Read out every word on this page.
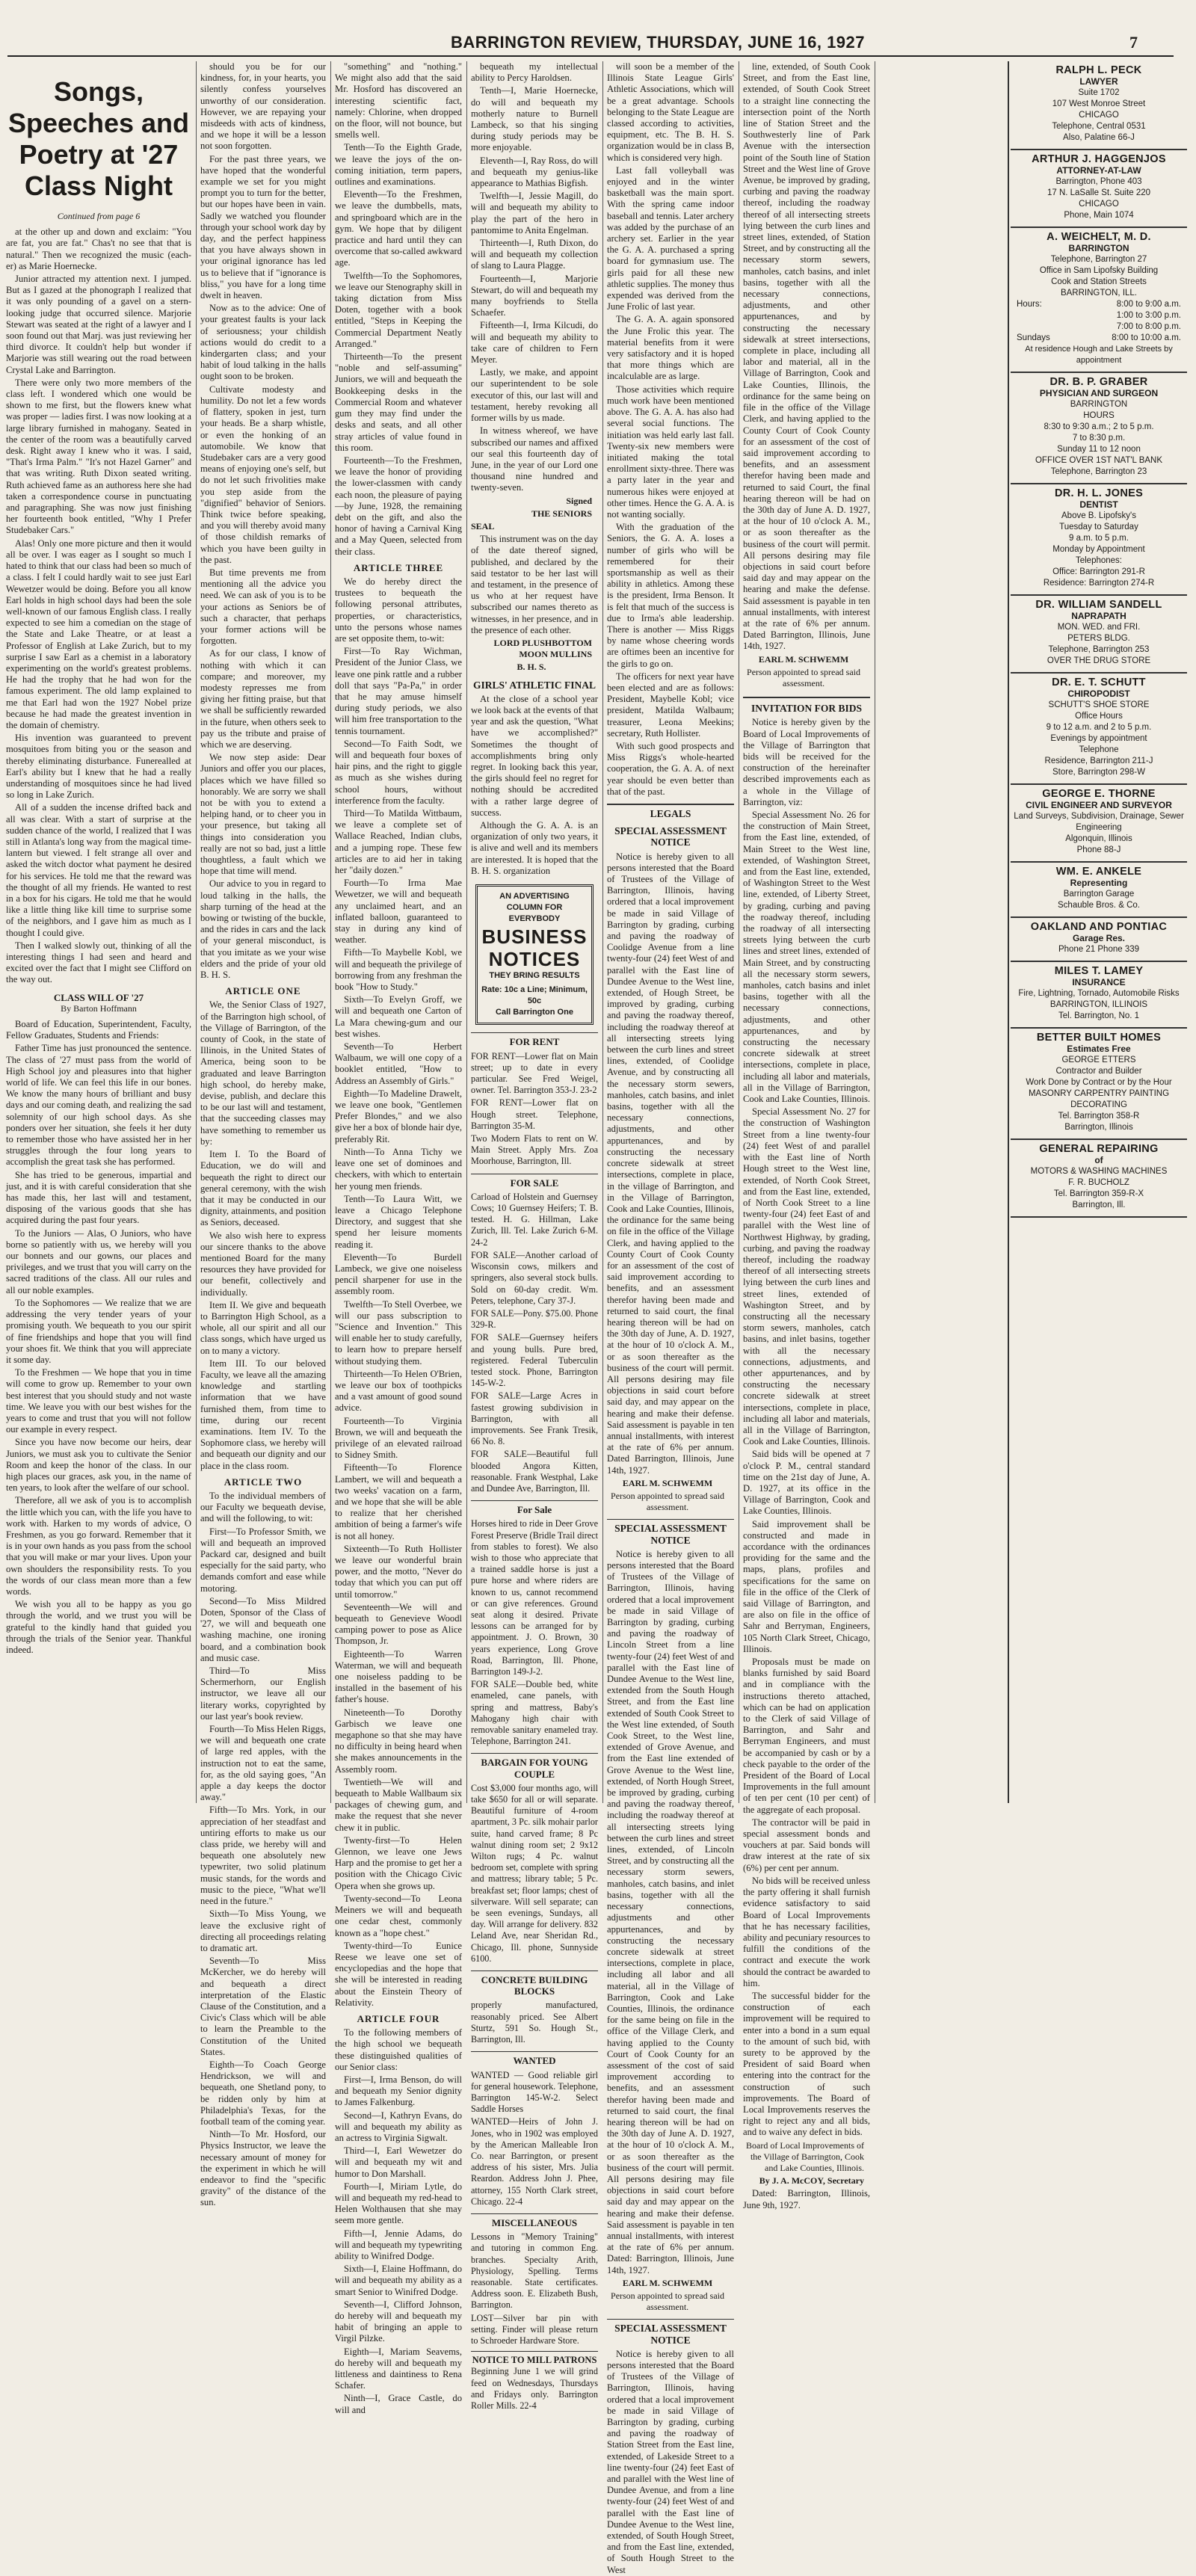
BARRINGTON REVIEW, THURSDAY, JUNE 16, 1927	7
Songs, Speeches and Poetry at '27 Class Night
Continued from page 6

at the other up and down and exclaim: "You are fat, you are fat." Chas't no see that that is natural." Then we recognized the music (each-er) as Marie Hoernecke.

Junior attracted my attention next. I jumped. But as I gazed at the phonograph I realized that it was only pounding of a gavel on a stern-looking judge that occurred silence. Marjorie Stewart was seated at the right of a lawyer and I soon found out that Marj. was just reviewing her third divorce. It couldn't help but wonder if Marjorie was still wearing out the road between Crystal Lake and Barrington.

There were only two more members of the class left. I wondered which one would be shown to me first, but the flowers knew what was proper — ladies first. I was now looking at a large library furnished in mahogany. Seated in the center of the room was a beautifully carved desk. Right away I knew who it was. I said, "That's Irma Palm." "It's not Hazel Garner" and that was writing. Ruth Dixon seated writing. Ruth achieved fame as an authoress here she had taken a correspondence course in punctuating and paragraphing. She was now just finishing her fourteenth book entitled, "Why I Prefer Studebaker Cars."

Alas! Only one more picture and then it would all be over. I was eager as I sought so much I hated to think that our class had been so much of a class. I felt I could hardly wait to see just Earl Wewetzer would be doing. Before you all know Earl holds in high school days had been the sole well-known of our famous English class. I really expected to see him a comedian on the stage of the State and Lake Theatre, or at least a Professor of English at Lake Zurich, but to my surprise I saw Earl as a chemist in a laboratory experimenting on the world's greatest problems. He had the trophy that he had won for the famous experiment. The old lamp explained to me that Earl had won the 1927 Nobel prize because he had made the greatest invention in the domain of chemistry.

His invention was guaranteed to prevent mosquitoes from biting you or the season and thereby eliminating disturbance. Funerealled at Earl's ability but I knew that he had a really understanding of mosquitoes since he had lived so long in Lake Zurich.

All of a sudden the incense drifted back and all was clear. With a start of surprise at the sudden chance of the world, I realized that I was still in Atlanta's long way from the magical time-lantern but viewed. I felt strange all over and asked the witch doctor what payment he desired for his services. He told me that the reward was the thought of all my friends. He wanted to rest in a box for his cigars. He told me that he would like a little thing like kill time to surprise some of the neighbors, and I gave him as much as I thought I could give.

Then I walked slowly out, thinking of all the interesting things I had seen and heard and excited over the fact that I might see Clifford on the way out.

CLASS WILL OF '27
By Barton Hoffmann

Board of Education, Superintendent, Faculty, Fellow Graduates, Students and Friends:

Father Time has just pronounced the sentence. The class of '27 must pass from the world of High School joy and pleasures into that higher world of life. We can feel this life in our bones. We know the many hours of brilliant and busy days and our coming death, and realizing the sad solemnity of our high school days. As she ponders over her situation, she feels it her duty to remember those who have assisted her in her struggles through the four long years to accomplish the great task she has performed.

She has tried to be generous, impartial and just, and it is with careful consideration that she has made this, her last will and testament, disposing of the various goods that she has acquired during the past four years.

To the Juniors — Alas, O Juniors, who have borne so patiently with us, we hereby will you our bonnets and our gowns, our places and privileges, and we trust that you will carry on the sacred traditions of the class. All our rules and all our noble examples.

To the Sophomores — We realize that we are addressing the very tender years of your promising youth. We bequeath to you our spirit of fine friendships and hope that you will find your shoes fit. We think that you will appreciate it some day.

To the Freshmen — We hope that you in time will come to grow up. Remember to your own best interest that you should study and not waste time. We leave you with our best wishes for the years to come and trust that you will not follow our example in every respect.

Since you have now become our heirs, dear Juniors, we must ask you to cultivate the Senior Room and keep the honor of the class. In our high places our graces, ask you, in the name of ten years, to look after the welfare of our school.

Therefore, all we ask of you is to accomplish the little which you can, with the life you have to work with. Harken to my words of advice, O Freshmen, as you go forward. Remember that it is in your own hands as you pass from the school that you will make or mar your lives. Upon your own shoulders the responsibility rests. To you the words of our class mean more than a few words.

We wish you all to be happy as you go through the world, and we trust you will be grateful to the kindly hand that guided you through the trials of the Senior year. Thankful indeed.

should you be for our kindness, for, in your hearts, you silently confess yourselves unworthy of our consideration. However, we are repaying your misdeeds with acts of kindness, and we hope it will be a lesson not soon forgotten.

For the past three years, we have hoped that the wonderful example we set for you might prompt you to turn for the better, but our hopes have been in vain. Sadly we watched you flounder through your school work day by day, and the perfect happiness that you have always shown in your original ignorance has led us to believe that if "ignorance is bliss," you have for a long time dwelt in heaven.

Now as to the advice: One of your greatest faults is your lack of seriousness; your childish actions would do credit to a kindergarten class; and your habit of loud talking in the halls ought soon to be broken.

Cultivate modesty and humility. Do not let a few words of flattery, spoken in jest, turn your heads. Be a sharp whistle, or even the honking of an automobile. We know that Studebaker cars are a very good means of enjoying one's self, but do not let such frivolities make you step aside from the "dignified" behavior of Seniors. Think twice before speaking, and you will thereby avoid many of those childish remarks of which you have been guilty in the past.

But time prevents me from mentioning all the advice you need. We can ask of you is to be your actions as Seniors be of such a character, that perhaps your former actions will be forgotten.

As for our class, I know of nothing with which it can compare; and moreover, my modesty represses me from giving her fitting praise, but that we shall be sufficiently rewarded in the future, when others seek to pay us the tribute and praise of which we are deserving.

We now step aside: Dear Juniors and offer you our places, places which we have filled so honorably. We are sorry we shall not be with you to extend a helping hand, or to cheer you in your presence, but taking all things into consideration you really are not so bad, just a little thoughtless, a fault which we hope that time will mend.

Our advice to you in regard to loud talking in the halls, the sharp turning of the head at the bowing or twisting of the buckle, and the rides in cars and the lack of your general misconduct, is that you imitate as we your wise elders and the pride of your old B. H. S.

ARTICLE ONE

We, the Senior Class of 1927, of the Barrington high school, of the Village of Barrington, of the county of Cook, in the state of Illinois, in the United States of America, being soon to be graduated and leave Barrington high school, do hereby make, devise, publish, and declare this to be our last will and testament, that the succeeding classes may have something to remember us by:

Item I. To the Board of Education, we do will and bequeath the right to direct our general ceremony, with the wish that it may be conducted in our dignity, attainments, and position as Seniors, deceased.

We also wish here to express our sincere thanks to the above mentioned Board for the many resources they have provided for our benefit, collectively and individually.

Item II. We give and bequeath to Barrington High School, as a whole, all our spirit and all our class songs, which have urged us on to many a victory.

Item III. To our beloved Faculty, we leave all the amazing knowledge and startling information that we have furnished them, from time to time, during our recent examinations. Item IV. To the Sophomore class, we hereby will and bequeath our dignity and our place in the class room.

ARTICLE TWO

To the individual members of our Faculty we bequeath devise, and will the following, to wit:

First—To Professor Smith, we will and bequeath an improved Packard car, designed and built especially for the said party, who demands comfort and ease while motoring.

Second—To Miss Mildred Doten, Sponsor of the Class of '27, we will and bequeath one washing machine, one ironing board, and a combination book and music case.

Third—To Miss Schermerhorn, our English instructor, we leave all our literary works, copyrighted by our last year's book review.

Fourth—To Miss Helen Riggs, we will and bequeath one crate of large red apples, with the instruction not to eat the same, for, as the old saying goes, "An apple a day keeps the doctor away."

Fifth—To Mrs. York, in our appreciation of her steadfast and untiring efforts to make us our class pride, we hereby will and bequeath one absolutely new typewriter, two solid platinum music stands, for the words and music to the piece, "What we'll need in the future."

Sixth—To Miss Young, we leave the exclusive right of directing all proceedings relating to dramatic art.

Seventh—To Miss McKercher, we do hereby will and bequeath a direct interpretation of the Elastic Clause of the Constitution, and a Civic's Class which will be able to learn the Preamble to the Constitution of the United States.

Eighth—To Coach George Hendrickson, we will and bequeath, one Shetland pony, to be ridden only by him at Philadelphia's Texas, for the football team of the coming year.

Ninth—To Mr. Hosford, our Physics Instructor, we leave the necessary amount of money for the experiment in which he will endeavor to find the "specific gravity" of the distance of the sun.

"something" and "nothing." We might also add that the said Mr. Hosford has discovered an interesting scientific fact, namely: Chlorine, when dropped on the floor, will not bounce, but smells well.

Tenth—To the Eighth Grade, we leave the joys of the on-coming initiation, term papers, outlines and examinations.

Eleventh—To the Freshmen, we leave the dumbbells, mats, and springboard which are in the gym. We hope that by diligent practice and hard until they can overcome that so-called awkward age.

Twelfth—To the Sophomores, we leave our Stenography skill in taking dictation from Miss Doten, together with a book entitled, "Steps in Keeping the Commercial Department Neatly Arranged."

Thirteenth—To the present "noble and self-assuming" Juniors, we will and bequeath the Bookkeeping desks in the Commercial Room and whatever gum they may find under the desks and seats, and all other stray articles of value found in this room.

Fourteenth—To the Freshmen, we leave the honor of providing the lower-classmen with candy each noon, the pleasure of paying—by June, 1928, the remaining debt on the gift, and also the honor of having a Carnival King and a May Queen, selected from their class.

ARTICLE THREE

We do hereby direct the trustees to bequeath the following personal attributes, properties, or characteristics, unto the persons whose names are set opposite them, to-wit:

First—To Ray Wichman, President of the Junior Class, we leave one pink rattle and a rubber doll that says "Pa-Pa," in order that he may amuse himself during study periods, we also will him free transportation to the tennis tournament.

Second—To Faith Sodt, we will and bequeath four boxes of hair pins, and the right to giggle as much as she wishes during school hours, without interference from the faculty.

Third—To Matilda Wittbaum, we leave a complete set of Wallace Reached, Indian clubs, and a jumping rope. These few articles are to aid her in taking her "daily dozen."

Fourth—To Irma Mae Wewetzer, we will and bequeath any unclaimed heart, and an inflated balloon, guaranteed to stay in during any kind of weather.

Fifth—To Maybelle Kobl, we will and bequeath the privilege of borrowing from any freshman the book "How to Study."

Sixth—To Evelyn Groff, we will and bequeath one Carton of La Mara chewing-gum and our best wishes.

Seventh—To Herbert Walbaum, we will one copy of a booklet entitled, "How to Address an Assembly of Girls."

Eighth—To Madeline Drawelt, we leave one book, "Gentlemen Prefer Blondes," and we also give her a box of blonde hair dye, preferably Rit.

Ninth—To Anna Tichy we leave one set of dominoes and checkers, with which to entertain her young men friends.

Tenth—To Laura Witt, we leave a Chicago Telephone Directory, and suggest that she spend her leisure moments reading it.

Eleventh—To Burdell Lambeck, we give one noiseless pencil sharpener for use in the assembly room.

Twelfth—To Stell Overbee, we will our pass subscription to "Science and Invention." This will enable her to study carefully, to learn how to prepare herself without studying them.

Thirteenth—To Helen O'Brien, we leave our box of toothpicks and a vast amount of good sound advice.

Fourteenth—To Virginia Brown, we will and bequeath the privilege of an elevated railroad to Sidney Smith.

Fifteenth—To Florence Lambert, we will and bequeath a two weeks' vacation on a farm, and we hope that she will be able to realize that her cherished ambition of being a farmer's wife is not all honey.

Sixteenth—To Ruth Hollister we leave our wonderful brain power, and the motto, "Never do today that which you can put off until tomorrow."

Seventeenth—We will and bequeath to Genevieve Woodl camping power to pose as Alice Thompson, Jr.

Eighteenth—To Warren Waterman, we will and bequeath one noiseless padding to be installed in the basement of his father's house.

Nineteenth—To Dorothy Garbisch we leave one megaphone so that she may have no difficulty in being heard when she makes announcements in the Assembly room.

Twentieth—We will and bequeath to Mable Wallbaum six packages of chewing gum, and make the request that she never chew it in public.

Twenty-first—To Helen Glennon, we leave one Jews Harp and the promise to get her a position with the Chicago Civic Opera when she grows up.

Twenty-second—To Leona Meiners we will and bequeath one cedar chest, commonly known as a "hope chest."

Twenty-third—To Eunice Reese we leave one set of encyclopedias and the hope that she will be interested in reading about the Einstein Theory of Relativity.

ARTICLE FOUR

To the following members of the high school we bequeath these distinguished qualities of our Senior class:

First—I, Irma Benson, do will and bequeath my Senior dignity to James Falkenburg.

Second—I, Kathryn Evans, do will and bequeath my ability as an actress to Virginia Sigwalt.

Third—I, Earl Wewetzer do will and bequeath my wit and humor to Don Marshall.

Fourth—I, Miriam Lytle, do will and bequeath my red-head to Helen Wolthausen that she may seem more gentle.

Fifth—I, Jennie Adams, do will and bequeath my typewriting ability to Winifred Dodge.

Sixth—I, Elaine Hoffmann, do will and bequeath my ability as a smart Senior to Winifred Dodge.

Seventh—I, Clifford Johnson, do hereby will and bequeath my habit of bringing an apple to Virgil Pilzke.

Eighth—I, Mariam Seavems, do hereby will and bequeath my littleness and daintiness to Rena Schafer.

Ninth—I, Grace Castle, do will and

bequeath my intellectual ability to Percy Haroldsen.

Tenth—I, Marie Hoernecke, do will and bequeath my motherly nature to Burnell Lambeck, so that his singing during study periods may be more enjoyable.

Eleventh—I, Ray Ross, do will and bequeath my genius-like appearance to Mathias Bigfish.

Twelfth—I, Jessie Magill, do will and bequeath my ability to play the part of the hero in pantomime to Anita Engelman.

Thirteenth—I, Ruth Dixon, do will and bequeath my collection of slang to Laura Plagge.

Fourteenth—I, Marjorie Stewart, do will and bequeath my many boyfriends to Stella Schaefer.

Fifteenth—I, Irma Kilcudi, do will and bequeath my ability to take care of children to Fern Meyer.

Lastly, we make, and appoint our superintendent to be sole executor of this, our last will and testament, hereby revoking all former wills by us made.

In witness whereof, we have subscribed our names and affixed our seal this fourteenth day of June, in the year of our Lord one thousand nine hundred and twenty-seven.

Signed
THE SENIORS
SEAL

This instrument was on the day of the date thereof signed, published, and declared by the said testator to be her last will and testament, in the presence of us who at her request have subscribed our names thereto as witnesses, in her presence, and in the presence of each other.

LORD PLUSHBOTTOM MOON MULLINS
B. H. S.
GIRLS' ATHLETIC FINAL

At the close of a school year we look back at the events of that year and ask the question, "What have we accomplished?" Sometimes the thought of accomplishments bring only regret. In looking back this year, the girls should feel no regret for nothing should be accredited with a rather large degree of success.

Although the G. A. A. is an organization of only two years, it is alive and well and its members are interested. It is hoped that the B. H. S. organization

AN ADVERTISING COLUMN FOR EVERYBODY
BUSINESS NOTICES
THEY BRING RESULTS
Rate: 10c a Line; Minimum, 50c
Call Barrington One
FOR RENT

FOR RENT—Lower flat on Main street; up to date in every particular. See Fred Weigel, owner. Tel. Barrington 353-J. 23-2

FOR RENT—Lower flat on Hough street. Telephone, Barrington 35-M.

Two Modern Flats to rent on W. Main Street. Apply Mrs. Zoa Moorhouse, Barrington, Ill.

FOR SALE

Carload of Holstein and Guernsey Cows; 10 Guernsey Heifers; T. B. tested. H. G. Hillman, Lake Zurich, Ill. Tel. Lake Zurich 6-M. 24-2

FOR SALE—Another carload of Wisconsin cows, milkers and springers, also several stock bulls. Sold on 60-day credit. Wm. Peters, telephone, Cary 37-J.

FOR SALE—Pony. $75.00. Phone 329-R.

FOR SALE—Guernsey heifers and young bulls. Pure bred, registered. Federal Tuberculin tested stock. Phone, Barrington 145-W-2.

FOR SALE—Large Acres in fastest growing subdivision in Barrington, with all improvements. See Frank Tresik, 66 No. 8.

FOR SALE—Beautiful full blooded Angora Kitten, reasonable. Frank Westphal, Lake and Dundee Ave, Barrington, Ill.

For Sale

Horses hired to ride in Deer Grove Forest Preserve (Bridle Trail direct from stables to forest). We also wish to those who appreciate that a trained saddle horse is just a pure horse and where riders are known to us, cannot recommend or can give references. Ground seat along it desired. Private lessons can be arranged for by appointment. J. O. Brown, 30 years experience, Long Grove Road, Barrington, Ill. Phone, Barrington 149-J-2.

FOR SALE—Double bed, white enameled, cane panels, with spring and mattress, Baby's Mahogany high chair with removable sanitary enameled tray. Telephone, Barrington 241.

BARGAIN FOR YOUNG COUPLE

Cost $3,000 four months ago, will take $650 for all or will separate. Beautiful furniture of 4-room apartment, 3 Pc. silk mohair parlor suite, hand carved frame; 8 Pc walnut dining room set; 2 9x12 Wilton rugs; 4 Pc. walnut bedroom set, complete with spring and mattress; library table; 5 Pc. breakfast set; floor lamps; chest of silverware. Will sell separate; can be seen evenings, Sundays, all day. Will arrange for delivery. 832 Leland Ave, near Sheridan Rd., Chicago, Ill. phone, Sunnyside 6100.

CONCRETE BUILDING BLOCKS

properly manufactured, reasonably priced. See Albert Sturtz, 591 So. Hough St., Barrington, Ill.

WANTED

WANTED — Good reliable girl for general housework. Telephone, Barrington 145-W-2. Select Saddle Horses

WANTED—Heirs of John J. Jones, who in 1902 was employed by the American Malleable Iron Co. near Barrington, or present address of his sister, Mrs. Julia Reardon. Address John J. Phee, attorney, 155 North Clark street, Chicago. 22-4

MISCELLANEOUS

Lessons in "Memory Training" and tutoring in common Eng. branches. Specialty Arith, Physiology, Spelling. Terms reasonable. State certificates. Address soon. E. Elizabeth Bush, Barrington.

LOST—Silver bar pin with setting. Finder will please return to Schroeder Hardware Store.

NOTICE TO MILL PATRONS

Beginning June 1 we will grind feed on Wednesdays, Thursdays and Fridays only. Barrington Roller Mills. 22-4

will soon be a member of the Illinois State League Girls' Athletic Associations, which will be a great advantage. Schools belonging to the State League are classed according to activities, equipment, etc. The B. H. S. organization would be in class B, which is considered very high.

Last fall volleyball was enjoyed and in the winter basketball was the main sport. With the spring came indoor baseball and tennis. Later archery was added by the purchase of an archery set. Earlier in the year the G. A. A. purchased a spring board for gymnasium use. The girls paid for all these new athletic supplies. The money thus expended was derived from the June Frolic of last year.

The G. A. A. again sponsored the June Frolic this year. The material benefits from it were very satisfactory and it is hoped that more things which are incalculable are as large.

Those activities which require much work have been mentioned above. The G. A. A. has also had several social functions. The initiation was held early last fall. Twenty-six new members were initiated making the total enrollment sixty-three. There was a party later in the year and numerous hikes were enjoyed at other times. Hence the G. A. A. is not wanting socially.

With the graduation of the Seniors, the G. A. A. loses a number of girls who will be remembered for their sportsmanship as well as their ability in athletics. Among these is the president, Irma Benson. It is felt that much of the success is due to Irma's able leadership. There is another — Miss Riggs by name whose cheering words are oftimes been an incentive for the girls to go on.

The officers for next year have been elected and are as follows: President, Maybelle Kobl; vice president, Matilda Walbaum; treasurer, Leona Meekins; secretary, Ruth Hollister.

With such good prospects and Miss Riggs's whole-hearted cooperation, the G. A. A. of next year should be even better than that of the past.

LEGALS
SPECIAL ASSESSMENT NOTICE

Notice is hereby given to all persons interested that the Board of Trustees of the Village of Barrington, Illinois, having ordered that a local improvement be made in said Village of Barrington by grading, curbing and paving the roadway of Coolidge Avenue from a line twenty-four (24) feet West of and parallel with the East line of Dundee Avenue to the West line, extended, of Hough Street, be improved by grading, curbing and paving the roadway thereof, including the roadway thereof at all intersecting streets lying between the curb lines and street lines, extended, of Coolidge Avenue, and by constructing all the necessary storm sewers, manholes, catch basins, and inlet basins, together with all the necessary connections, adjustments, and other appurtenances, and by constructing the necessary concrete sidewalk at street intersections, complete in place, in the village of Barrington, and in the Village of Barrington, Cook and Lake Counties, Illinois, the ordinance for the same being on file in the office of the Village Clerk, and having applied to the County Court of Cook County for an assessment of the cost of said improvement according to benefits, and an assessment therefor having been made and returned to said court, the final hearing thereon will be had on the 30th day of June, A. D. 1927, at the hour of 10 o'clock A. M., or as soon thereafter as the business of the court will permit. All persons desiring may file objections in said court before said day, and may appear on the hearing and make their defense. Said assessment is payable in ten annual installments, with interest at the rate of 6% per annum. Dated Barrington, Illinois, June 14th, 1927.

EARL M. SCHWEMM
Person appointed to spread said assessment.
SPECIAL ASSESSMENT NOTICE

Notice is hereby given to all persons interested that the Board of Trustees of the Village of Barrington, Illinois, having ordered that a local improvement be made in said Village of Barrington by grading, curbing and paving the roadway of Lincoln Street from a line twenty-four (24) feet West of and parallel with the East line of Dundee Avenue to the West line, extended from the South Hough Street, and from the East line extended of South Cook Street to the West line extended, of South Cook Street, to the West line, extended of Grove Avenue, and from the East line extended of Grove Avenue to the West line, extended, of North Hough Street, be improved by grading, curbing and paving the roadway thereof, including the roadway thereof at all intersecting streets lying between the curb lines and street lines, extended, of Lincoln Street, and by constructing all the necessary storm sewers, manholes, catch basins, and inlet basins, together with all the necessary connections, adjustments and other appurtenances, and by constructing the necessary concrete sidewalk at street intersections, complete in place, including all labor and all material, all in the Village of Barrington, Cook and Lake Counties, Illinois, the ordinance for the same being on file in the office of the Village Clerk, and having applied to the County Court of Cook County for an assessment of the cost of said improvement according to benefits, and an assessment therefor having been made and returned to said court, the final hearing thereon will be had on the 30th day of June A. D. 1927, at the hour of 10 o'clock A. M., or as soon thereafter as the business of the court will permit. All persons desiring may file objections in said court before said day and may appear on the hearing and make their defense. Said assessment is payable in ten annual installments, with interest at the rate of 6% per annum. Dated: Barrington, Illinois, June 14th, 1927.

EARL M. SCHWEMM
Person appointed to spread said assessment.
SPECIAL ASSESSMENT NOTICE

Notice is hereby given to all persons interested that the Board of Trustees of the Village of Barrington, Illinois, having ordered that a local improvement be made in said Village of Barrington by grading, curbing and paving the roadway of Station Street from the East line, extended, of Lakeside Street to a line twenty-four (24) feet East of and parallel with the West line of Dundee Avenue, and from a line twenty-four (24) feet West of and parallel with the East line of Dundee Avenue to the West line, extended, of South Hough Street, and from the East line, extended, of South Hough Street to the West

line, extended, of South Cook Street, and from the East line, extended, of South Cook Street to a straight line connecting the intersection point of the North line of Station Street and the Southwesterly line of Park Avenue with the intersection point of the South line of Station Street and the West line of Grove Avenue, be improved by grading, curbing and paving the roadway thereof, including the roadway thereof of all intersecting streets lying between the curb lines and street lines, extended, of Station Street, and by constructing all the necessary storm sewers, manholes, catch basins, and inlet basins, together with all the necessary connections, adjustments, and other appurtenances, and by constructing the necessary sidewalk at street intersections, complete in place, including all labor and material, all in the Village of Barrington, Cook and Lake Counties, Illinois, the ordinance for the same being on file in the office of the Village Clerk, and having applied to the County Court of Cook County for an assessment of the cost of said improvement according to benefits, and an assessment therefor having been made and returned to said Court, the final hearing thereon will be had on the 30th day of June A. D. 1927, at the hour of 10 o'clock A. M., or as soon thereafter as the business of the court will permit. All persons desiring may file objections in said court before said day and may appear on the hearing and make the defense. Said assessment is payable in ten annual installments, with interest at the rate of 6% per annum. Dated Barrington, Illinois, June 14th, 1927.

EARL M. SCHWEMM
Person appointed to spread said assessment.
INVITATION FOR BIDS

Notice is hereby given by the Board of Local Improvements of the Village of Barrington that bids will be received for the construction of the hereinafter described improvements each as a whole in the Village of Barrington, viz:

Special Assessment No. 26 for the construction of Main Street, from the East line, extended, of Main Street to the West line, extended, of Washington Street, and from the East line, extended, of Washington Street to the West line, extended, of Liberty Street, by grading, curbing and paving the roadway thereof, including the roadway of all intersecting streets lying between the curb lines and street lines, extended of Main Street, and by constructing all the necessary storm sewers, manholes, catch basins and inlet basins, together with all the necessary connections, adjustments, and other appurtenances, and by constructing the necessary concrete sidewalk at street intersections, complete in place, including all labor and materials, all in the Village of Barrington, Cook and Lake Counties, Illinois.

Special Assessment No. 27 for the construction of Washington Street from a line twenty-four (24) feet West of and parallel with the East line of North Hough street to the West line, extended, of North Cook Street, and from the East line, extended, of North Cook Street to a line twenty-four (24) feet East of and parallel with the West line of Northwest Highway, by grading, curbing, and paving the roadway thereof, including the roadway thereof of all intersecting streets lying between the curb lines and street lines, extended of Washington Street, and by constructing all the necessary storm sewers, manholes, catch basins, and inlet basins, together with all the necessary connections, adjustments, and other appurtenances, and by constructing the necessary concrete sidewalk at street intersections, complete in place, including all labor and materials, all in the Village of Barrington, Cook and Lake Counties, Illinois.

Said bids will be opened at 7 o'clock P. M., central standard time on the 21st day of June, A. D. 1927, at its office in the Village of Barrington, Cook and Lake Counties, Illinois.

Said improvement shall be constructed and made in accordance with the ordinances providing for the same and the maps, plans, profiles and specifications for the same on file in the office of the Clerk of said Village of Barrington, and are also on file in the office of Sahr and Berryman, Engineers, 105 North Clark Street, Chicago, Illinois.

Proposals must be made on blanks furnished by said Board and in compliance with the instructions thereto attached, which can be had on application to the Clerk of said Village of Barrington, and Sahr and Berryman Engineers, and must be accompanied by cash or by a check payable to the order of the President of the Board of Local Improvements in the full amount of ten per cent (10 per cent) of the aggregate of each proposal.

The contractor will be paid in special assessment bonds and vouchers at par. Said bonds will draw interest at the rate of six (6%) per cent per annum.

No bids will be received unless the party offering it shall furnish evidence satisfactory to said Board of Local Improvements that he has necessary facilities, ability and pecuniary resources to fulfill the conditions of the contract and execute the work should the contract be awarded to him.

The successful bidder for the construction of each improvement will be required to enter into a bond in a sum equal to the amount of such bid, with surety to be approved by the President of said Board when entering into the contract for the construction of such improvements. The Board of Local Improvements reserves the right to reject any and all bids, and to waive any defect in bids.

Board of Local Improvements of the Village of Barrington, Cook and Lake Counties, Illinois.
By J. A. McCOY, Secretary

Dated: Barrington, Illinois, June 9th, 1927.

RALPH L. PECK
LAWYER
Suite 1702
107 West Monroe Street
CHICAGO
Telephone, Central 0531
Also, Palatine 66-J
ARTHUR J. HAGGENJOS
ATTORNEY-AT-LAW
Barrington, Phone 403
17 N. LaSalle St. Suite 220
CHICAGO
Phone, Main 1074
A. WEICHELT, M. D.
BARRINGTON
Telephone, Barrington 27
Office in Sam Lipofsky Building
Cook and Station Streets
BARRINGTON, ILL.
Hours:	8:00 to 9:00 a.m.
1:00 to 3:00 p.m.
7:00 to 8:00 p.m.
Sundays	8:00 to 10:00 a.m.
At residence Hough and Lake Streets by appointment
DR. B. P. GRABER
PHYSICIAN AND SURGEON
BARRINGTON
HOURS
8:30 to 9:30 a.m.; 2 to 5 p.m.
7 to 8:30 p.m.
Sunday 11 to 12 noon
OFFICE OVER 1ST NAT'L BANK
Telephone, Barrington 23
DR. H. L. JONES
DENTIST
Above B. Lipofsky's
Tuesday to Saturday
9 a.m. to 5 p.m.
Monday by Appointment
Telephones:
Office: Barrington 291-R
Residence: Barrington 274-R
DR. WILLIAM SANDELL
NAPRAPATH
MON. WED. and FRI.
PETERS BLDG.
Telephone, Barrington 253
OVER THE DRUG STORE
DR. E. T. SCHUTT
CHIROPODIST
SCHUTT'S SHOE STORE
Office Hours
9 to 12 a.m. and 2 to 5 p.m.
Evenings by appointment
Telephone
Residence, Barrington 211-J
Store, Barrington 298-W
GEORGE E. THORNE
CIVIL ENGINEER AND SURVEYOR
Land Surveys, Subdivision, Drainage, Sewer Engineering
Algonquin, Illinois
Phone 88-J
WM. E. ANKELE
Representing
Barrington Garage
Schauble Bros. & Co.
OAKLAND AND PONTIAC
Garage Res.
Phone 21 Phone 339
MILES T. LAMEY
INSURANCE
Fire, Lightning, Tornado, Automobile Risks
BARRINGTON, ILLINOIS
Tel. Barrington, No. 1
BETTER BUILT HOMES
Estimates Free
GEORGE ETTERS
Contractor and Builder
Work Done by Contract or by the Hour
MASONRY CARPENTRY PAINTING DECORATING
Tel. Barrington 358-R
Barrington, Illinois
GENERAL REPAIRING
of
MOTORS & WASHING MACHINES
F. R. BUCHOLZ
Tel. Barrington 359-R-X
Barrington, Ill.
